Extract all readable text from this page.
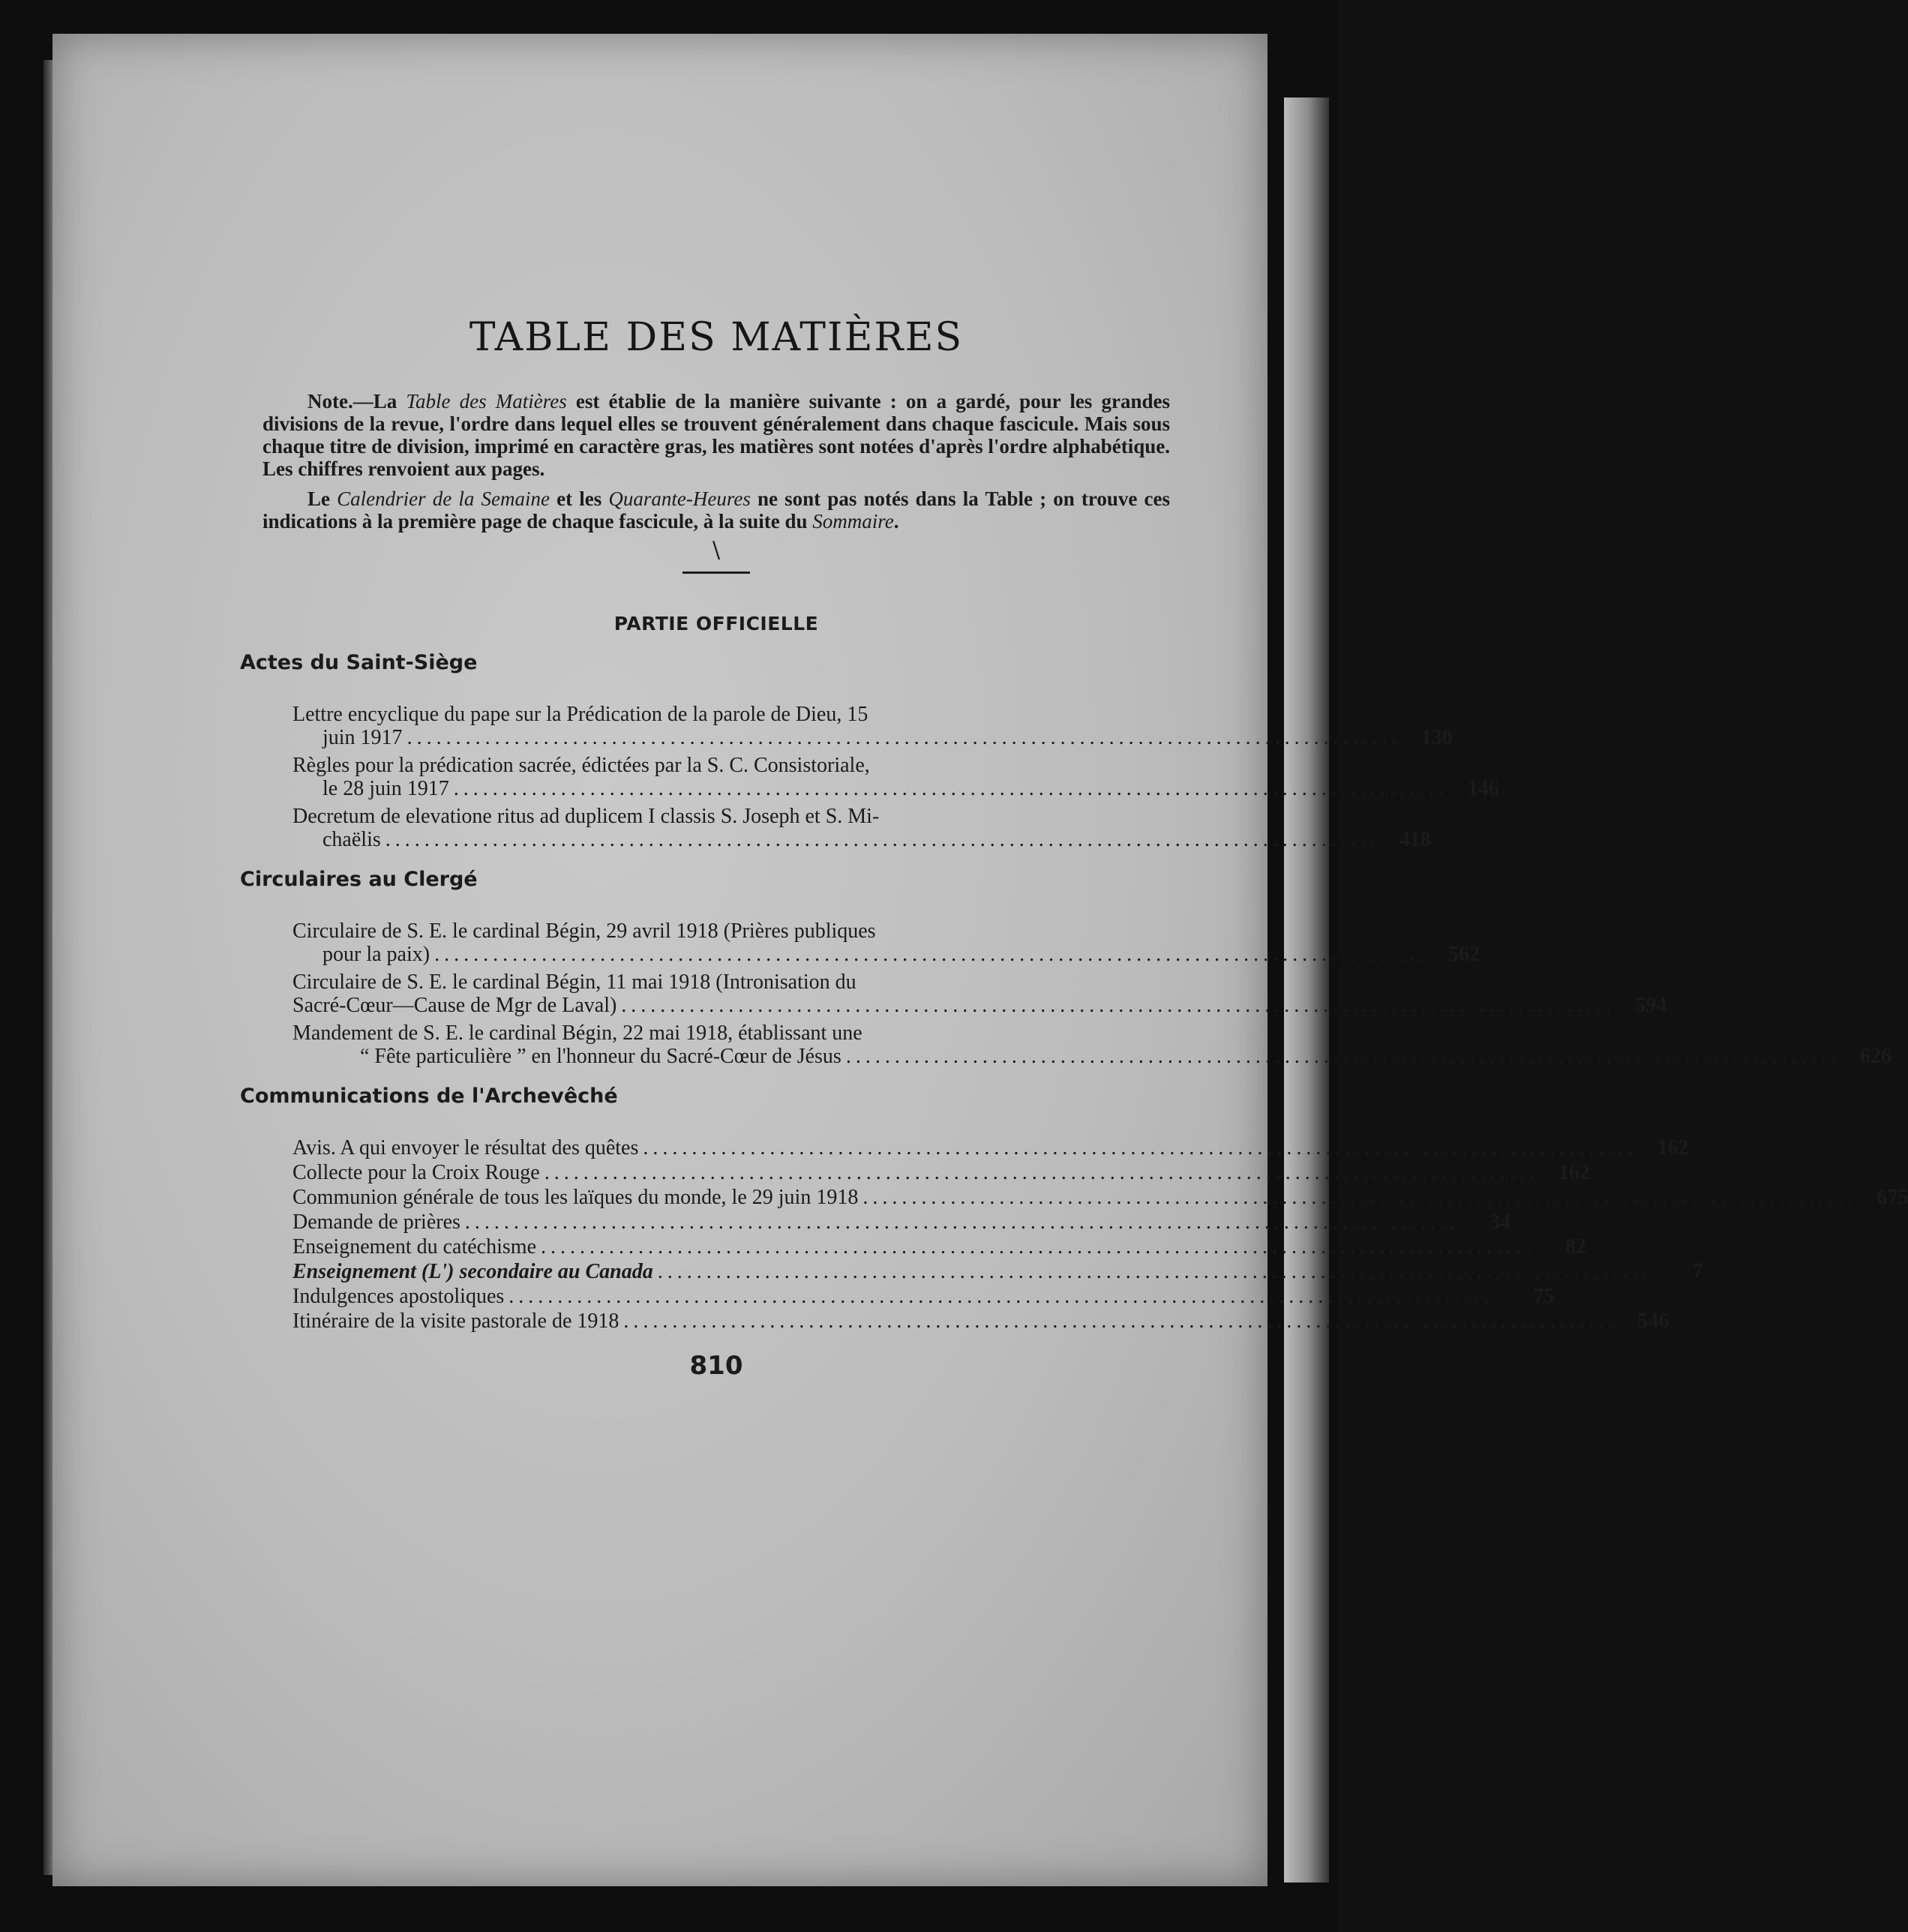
TABLE DES MATIÈRES

Note.—La Table des Matières est établie de la manière suivante : on a gardé, pour les grandes divisions de la revue, l'ordre dans lequel elles se trouvent généralement dans chaque fascicule. Mais sous chaque titre de division, imprimé en caractère gras, les matières sont notées d'après l'ordre alphabétique. Les chiffres renvoient aux pages.

Le Calendrier de la Semaine et les Quarante-Heures ne sont pas notés dans la Table ; on trouve ces indications à la première page de chaque fascicule, à la suite du Sommaire.

\
PARTIE OFFICIELLE
Actes du Saint-Siège
Lettre encyclique du pape sur la Prédication de la parole de Dieu, 15
juin 1917 ...................................................................................................... 130
Règles pour la prédication sacrée, édictées par la S. C. Consistoriale,
le 28 juin 1917 ...................................................................................................... 146
Decretum de elevatione ritus ad duplicem I classis S. Joseph et S. Mi-
chaëlis ...................................................................................................... 418
Circulaires au Clergé
Circulaire de S. E. le cardinal Bégin, 29 avril 1918 (Prières publiques
pour la paix) ...................................................................................................... 562
Circulaire de S. E. le cardinal Bégin, 11 mai 1918 (Intronisation du
Sacré-Cœur—Cause de Mgr de Laval) ...................................................................................................... 594
Mandement de S. E. le cardinal Bégin, 22 mai 1918, établissant une
“ Fête particulière ” en l'honneur du Sacré-Cœur de Jésus ...................................................................................................... 626
Communications de l'Archevêché
Avis. A qui envoyer le résultat des quêtes ...................................................................................................... 162
Collecte pour la Croix Rouge ...................................................................................................... 162
Communion générale de tous les laïques du monde, le 29 juin 1918 ...................................................................................................... 675
Demande de prières ......................................................................................................	34
Enseignement du catéchisme ......................................................................................................	82
Enseignement (L') secondaire au Canada ......................................................................................................	7
Indulgences apostoliques ......................................................................................................	75
Itinéraire de la visite pastorale de 1918 ...................................................................................................... 546
810
